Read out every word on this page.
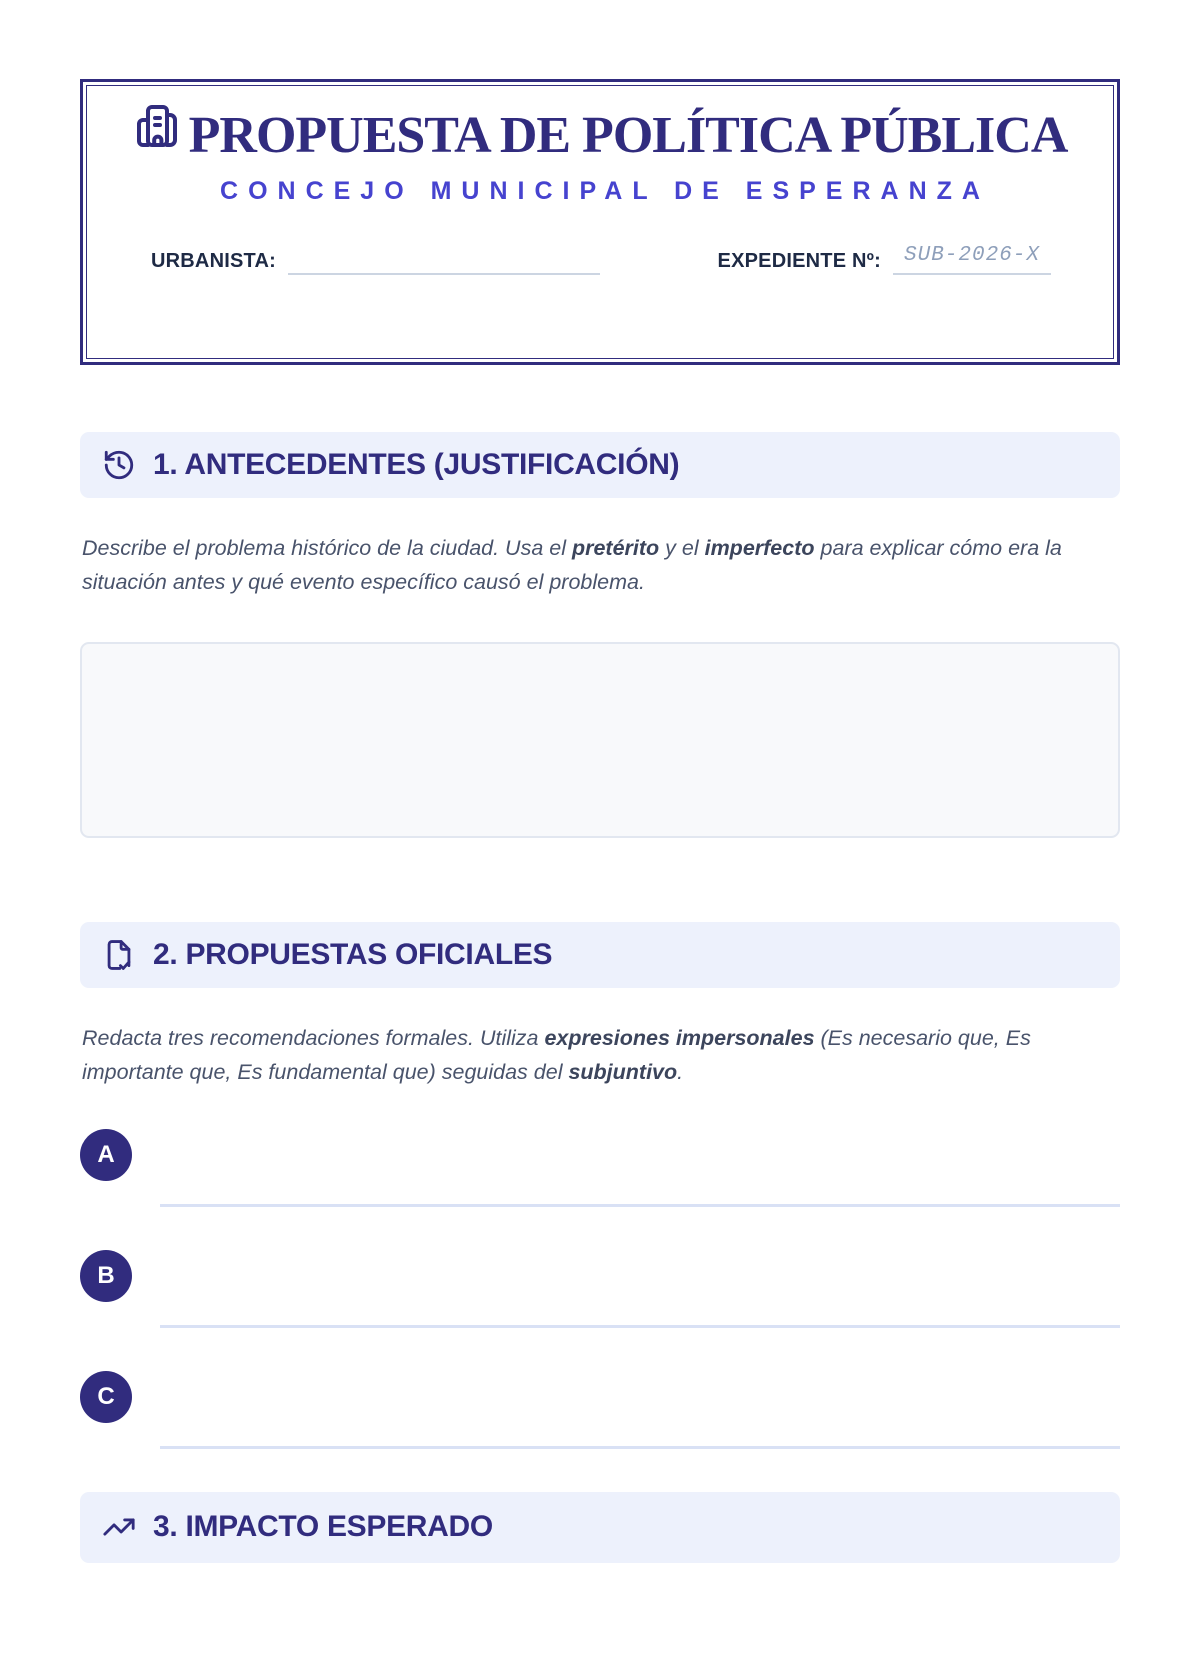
PROPUESTA DE POLÍTICA PÚBLICA
CONCEJO MUNICIPAL DE ESPERANZA
URBANISTA:	EXPEDIENTE Nº:	SUB-2026-X
1. ANTECEDENTES (JUSTIFICACIÓN)

Describe el problema histórico de la ciudad. Usa el pretérito y el imperfecto para explicar cómo era la situación antes y qué evento específico causó el problema.

2. PROPUESTAS OFICIALES

Redacta tres recomendaciones formales. Utiliza expresiones impersonales (Es necesario que, Es importante que, Es fundamental que) seguidas del subjuntivo.

A
B
C
3. IMPACTO ESPERADO
